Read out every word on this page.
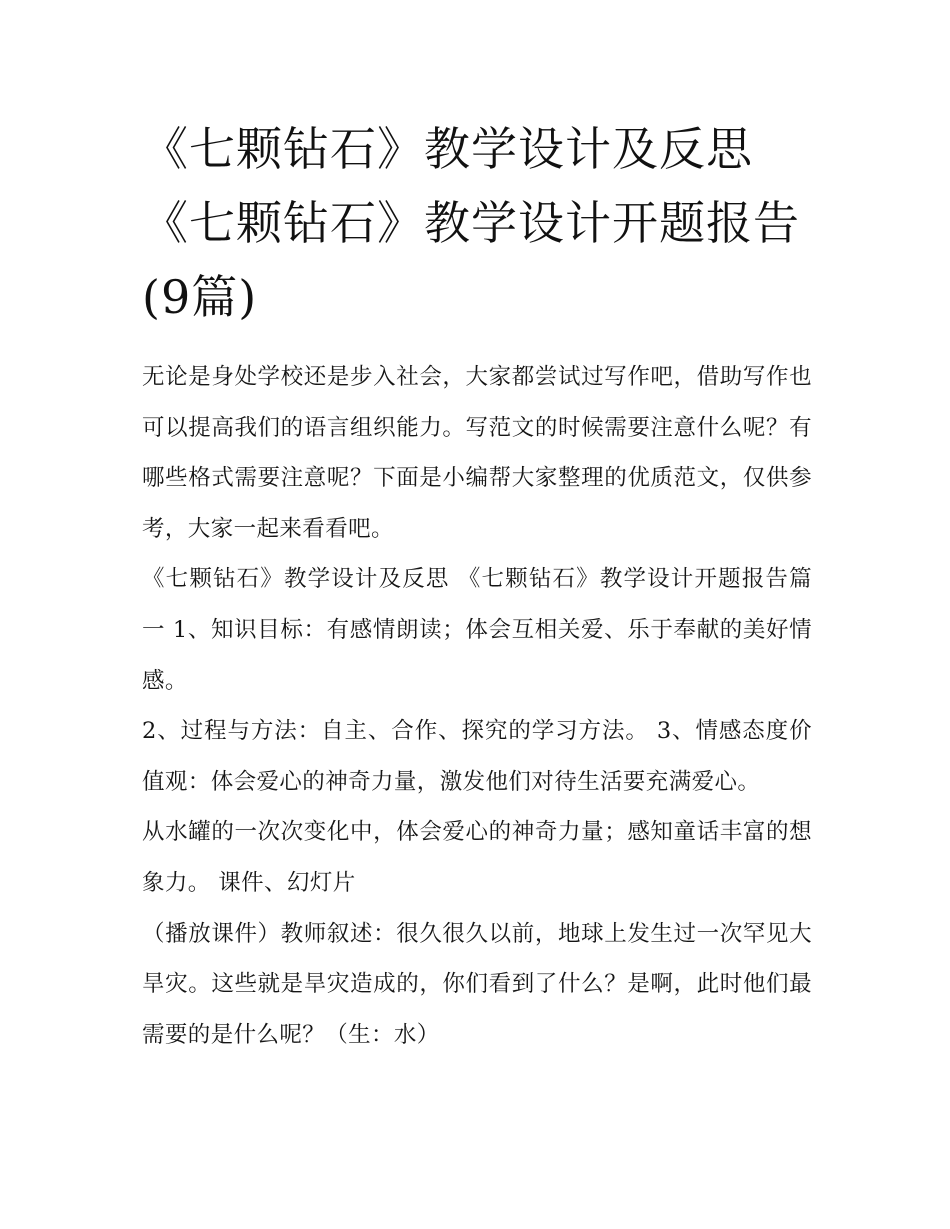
《七颗钻石》教学设计及反思《七颗钻石》教学设计开题报告(9篇)

无论是身处学校还是步入社会，大家都尝试过写作吧，借助写作也可以提高我们的语言组织能力。写范文的时候需要注意什么呢？有哪些格式需要注意呢？下面是小编帮大家整理的优质范文，仅供参考，大家一起来看看吧。

《七颗钻石》教学设计及反思 《七颗钻石》教学设计开题报告篇一 1、知识目标：有感情朗读；体会互相关爱、乐于奉献的美好情感。

2、过程与方法：自主、合作、探究的学习方法。 3、情感态度价值观：体会爱心的神奇力量，激发他们对待生活要充满爱心。

从水罐的一次次变化中，体会爱心的神奇力量；感知童话丰富的想象力。 课件、幻灯片

（播放课件）教师叙述：很久很久以前，地球上发生过一次罕见大旱灾。这些就是旱灾造成的，你们看到了什么？是啊，此时他们最需要的是什么呢？（生：水）
